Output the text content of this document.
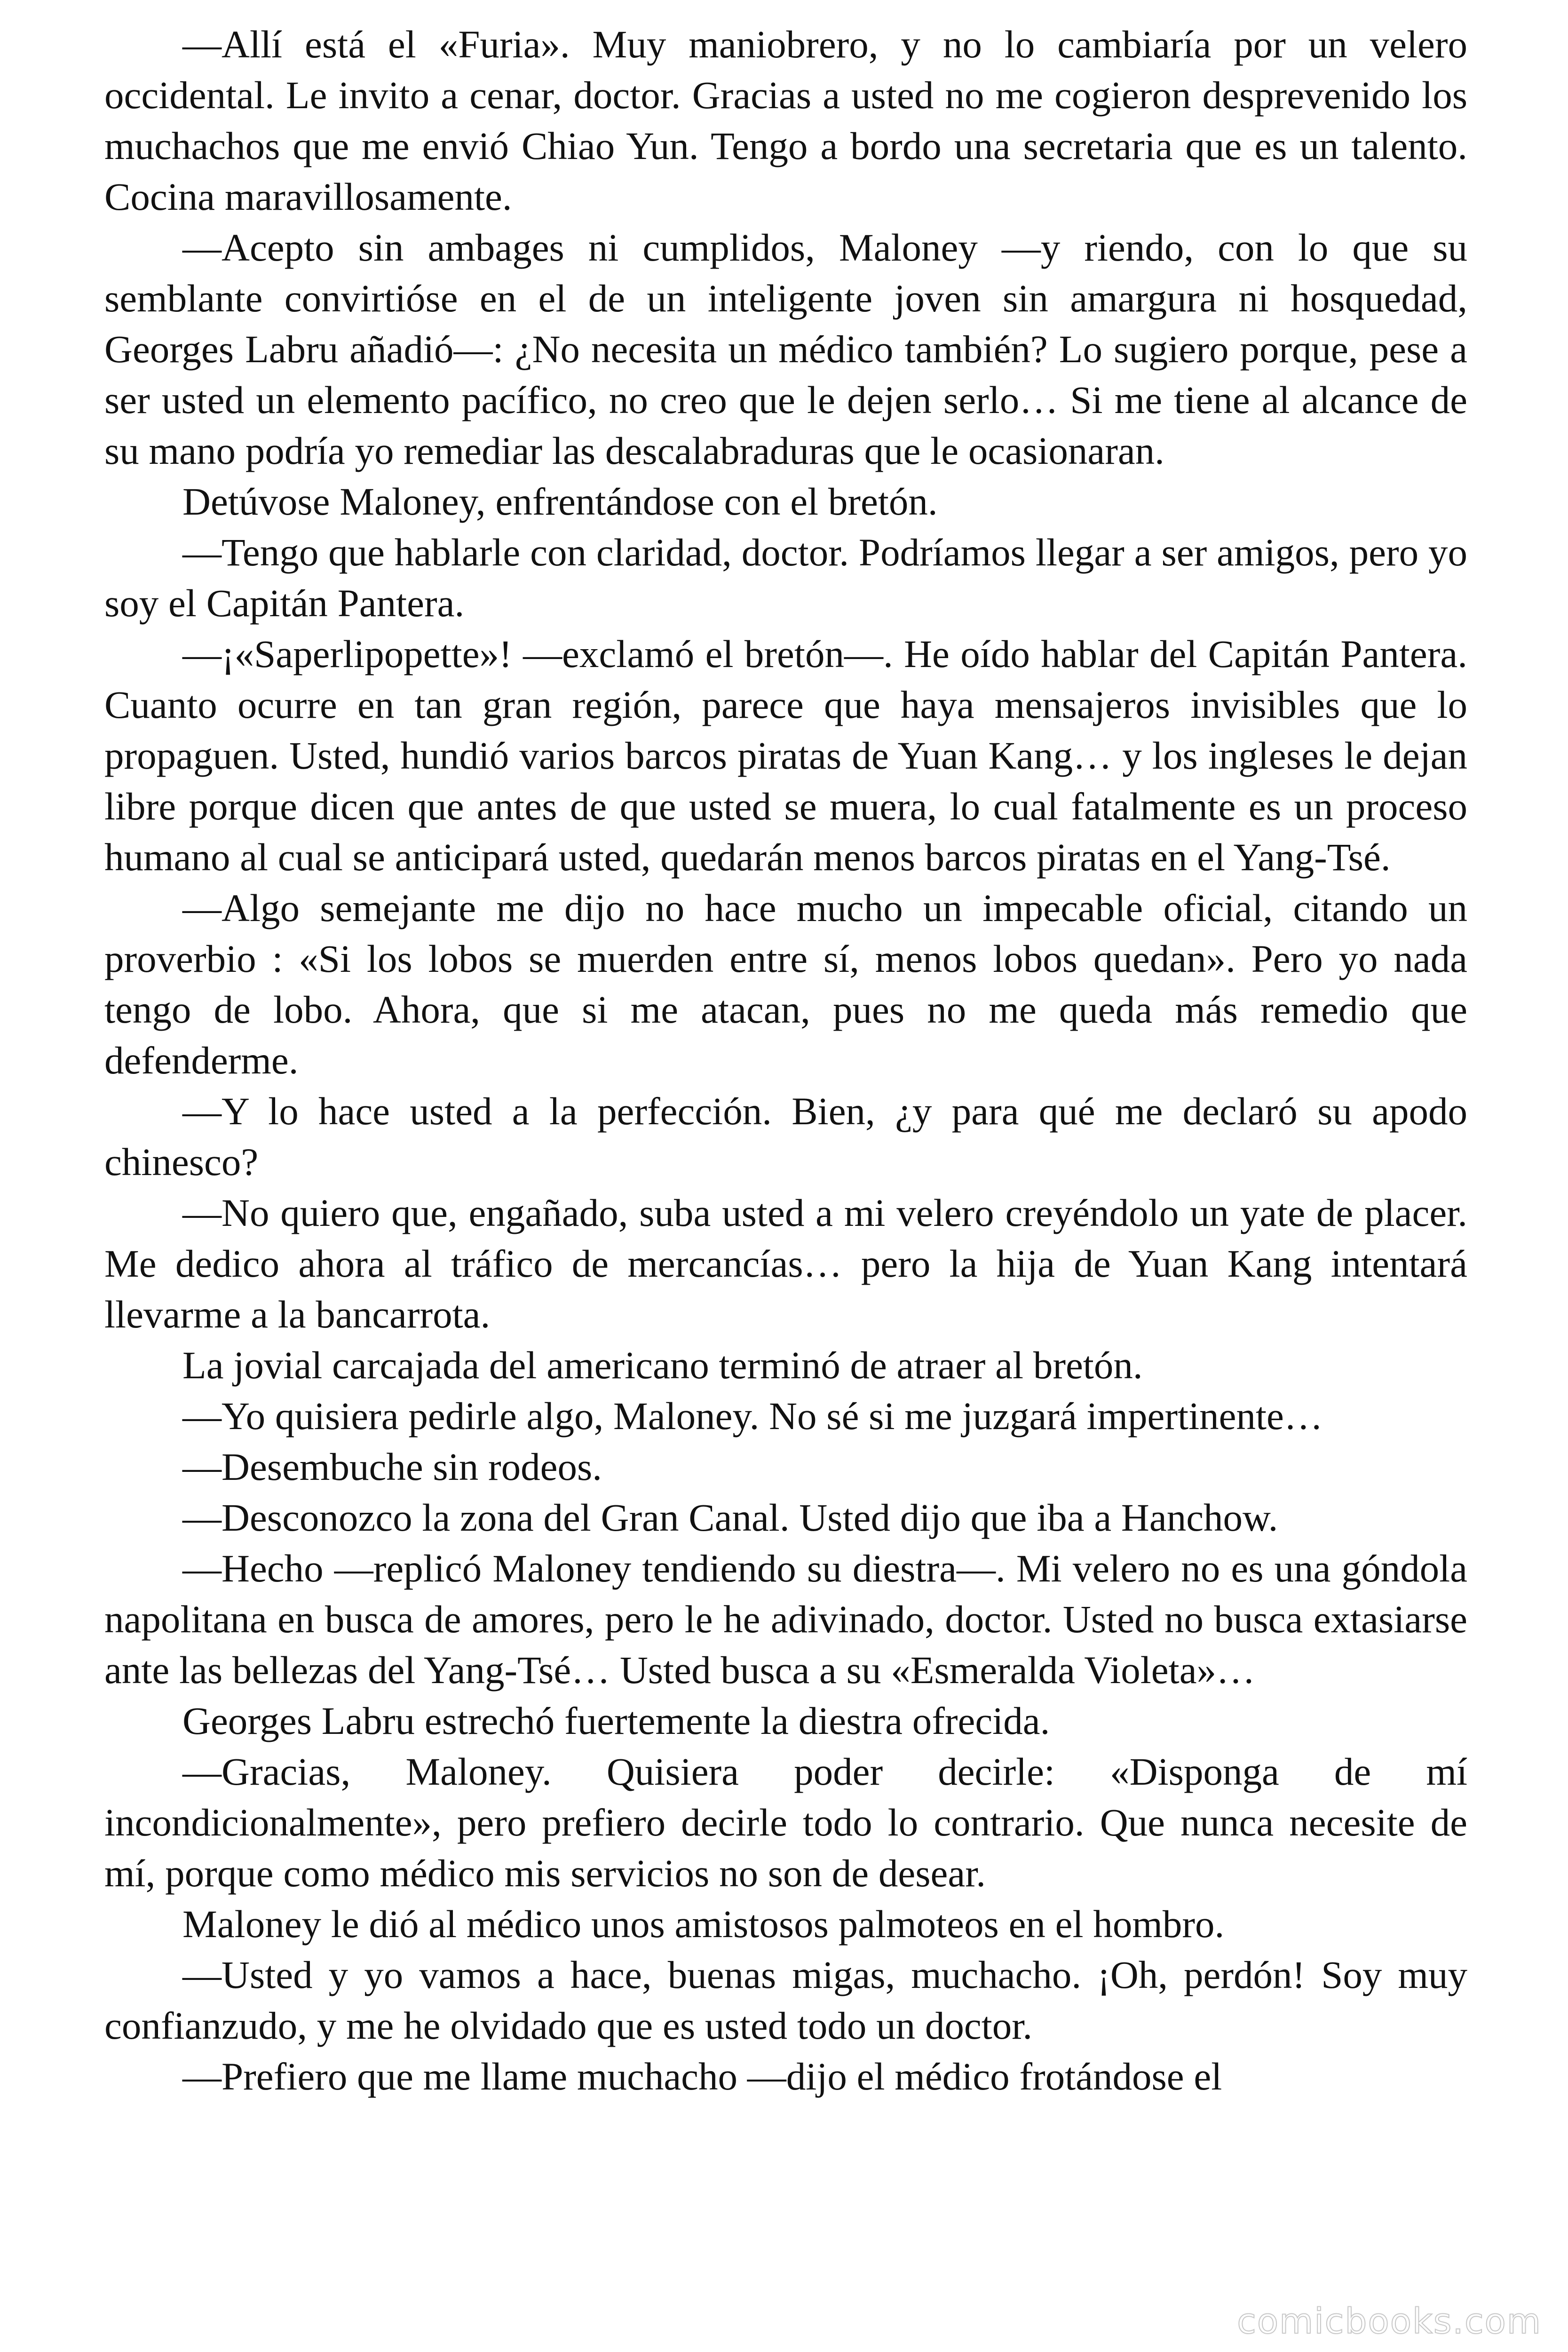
—Allí está el «Furia». Muy maniobrero, y no lo cambiaría por un velero occidental. Le invito a cenar, doctor. Gracias a usted no me cogieron desprevenido los muchachos que me envió Chiao Yun. Tengo a bordo una secretaria que es un talento. Cocina maravillosamente.

—Acepto sin ambages ni cumplidos, Maloney —y riendo, con lo que su semblante convirtióse en el de un inteligente joven sin amargura ni hosquedad, Georges Labru añadió—: ¿No necesita un médico también? Lo sugiero porque, pese a ser usted un elemento pacífico, no creo que le dejen serlo… Si me tiene al alcance de su mano podría yo remediar las descalabraduras que le ocasionaran.

Detúvose Maloney, enfrentándose con el bretón.

—Tengo que hablarle con claridad, doctor. Podríamos llegar a ser amigos, pero yo soy el Capitán Pantera.

—¡«Saperlipopette»! —exclamó el bretón—. He oído hablar del Capitán Pantera. Cuanto ocurre en tan gran región, parece que haya mensajeros invisibles que lo propaguen. Usted, hundió varios barcos piratas de Yuan Kang… y los ingleses le dejan libre porque dicen que antes de que usted se muera, lo cual fatalmente es un proceso humano al cual se anticipará usted, quedarán menos barcos piratas en el Yang-Tsé.

—Algo semejante me dijo no hace mucho un impecable oficial, citando un proverbio : «Si los lobos se muerden entre sí, menos lobos quedan». Pero yo nada tengo de lobo. Ahora, que si me atacan, pues no me queda más remedio que defenderme.

—Y lo hace usted a la perfección. Bien, ¿y para qué me declaró su apodo chinesco?

—No quiero que, engañado, suba usted a mi velero creyéndolo un yate de placer. Me dedico ahora al tráfico de mercancías… pero la hija de Yuan Kang intentará llevarme a la bancarrota.

La jovial carcajada del americano terminó de atraer al bretón.

—Yo quisiera pedirle algo, Maloney. No sé si me juzgará impertinente…

—Desembuche sin rodeos.

—Desconozco la zona del Gran Canal. Usted dijo que iba a Hanchow.

—Hecho —replicó Maloney tendiendo su diestra—. Mi velero no es una góndola napolitana en busca de amores, pero le he adivinado, doctor. Usted no busca extasiarse ante las bellezas del Yang-Tsé… Usted busca a su «Esmeralda Violeta»…

Georges Labru estrechó fuertemente la diestra ofrecida.

—Gracias, Maloney. Quisiera poder decirle: «Disponga de mí incondicionalmente», pero prefiero decirle todo lo contrario. Que nunca necesite de mí, porque como médico mis servicios no son de desear.

Maloney le dió al médico unos amistosos palmoteos en el hombro.

—Usted y yo vamos a hace, buenas migas, muchacho. ¡Oh, perdón! Soy muy confianzudo, y me he olvidado que es usted todo un doctor.

—Prefiero que me llame muchacho —dijo el médico frotándose el

comicbooks.com
